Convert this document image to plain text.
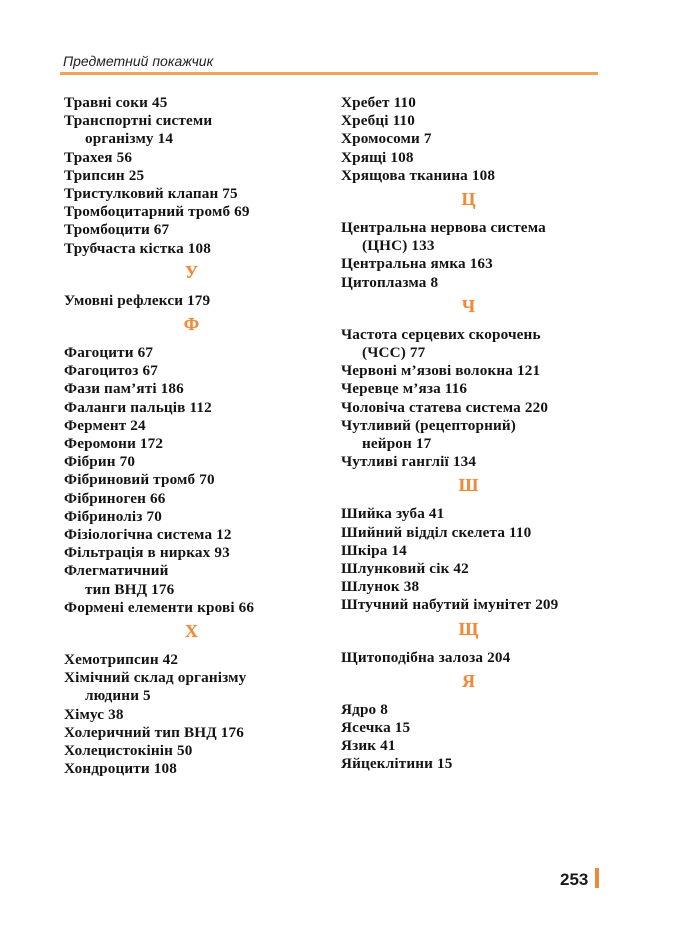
Предметний покажчик
Травні соки 45
Транспортні системи
організму 14
Трахея 56
Трипсин 25
Тристулковий клапан 75
Тромбоцитарний тромб 69
Тромбоцити 67
Трубчаста кістка 108
У
Умовні рефлекси 179
Ф
Фагоцити 67
Фагоцитоз 67
Фази пам’яті 186
Фаланги пальців 112
Фермент 24
Феромони 172
Фібрин 70
Фібриновий тромб 70
Фібриноген 66
Фібриноліз 70
Фізіологічна система 12
Фільтрація в нирках 93
Флегматичний
тип ВНД 176
Формені елементи крові 66
Х
Хемотрипсин 42
Хімічний склад організму
людини 5
Хімус 38
Холеричний тип ВНД 176
Холецистокінін 50
Хондроцити 108
Хребет 110
Хребці 110
Хромосоми 7
Хрящі 108
Хрящова тканина 108
Ц
Центральна нервова система
(ЦНС) 133
Центральна ямка 163
Цитоплазма 8
Ч
Частота серцевих скорочень
(ЧСС) 77
Червоні м’язові волокна 121
Черевце м’яза 116
Чоловіча статева система 220
Чутливий (рецепторний)
нейрон 17
Чутливі ганглії 134
Ш
Шийка зуба 41
Шийний відділ скелета 110
Шкіра 14
Шлунковий сік 42
Шлунок 38
Штучний набутий імунітет 209
Щ
Щитоподібна залоза 204
Я
Ядро 8
Ясечка 15
Язик 41
Яйцеклітини 15
253
